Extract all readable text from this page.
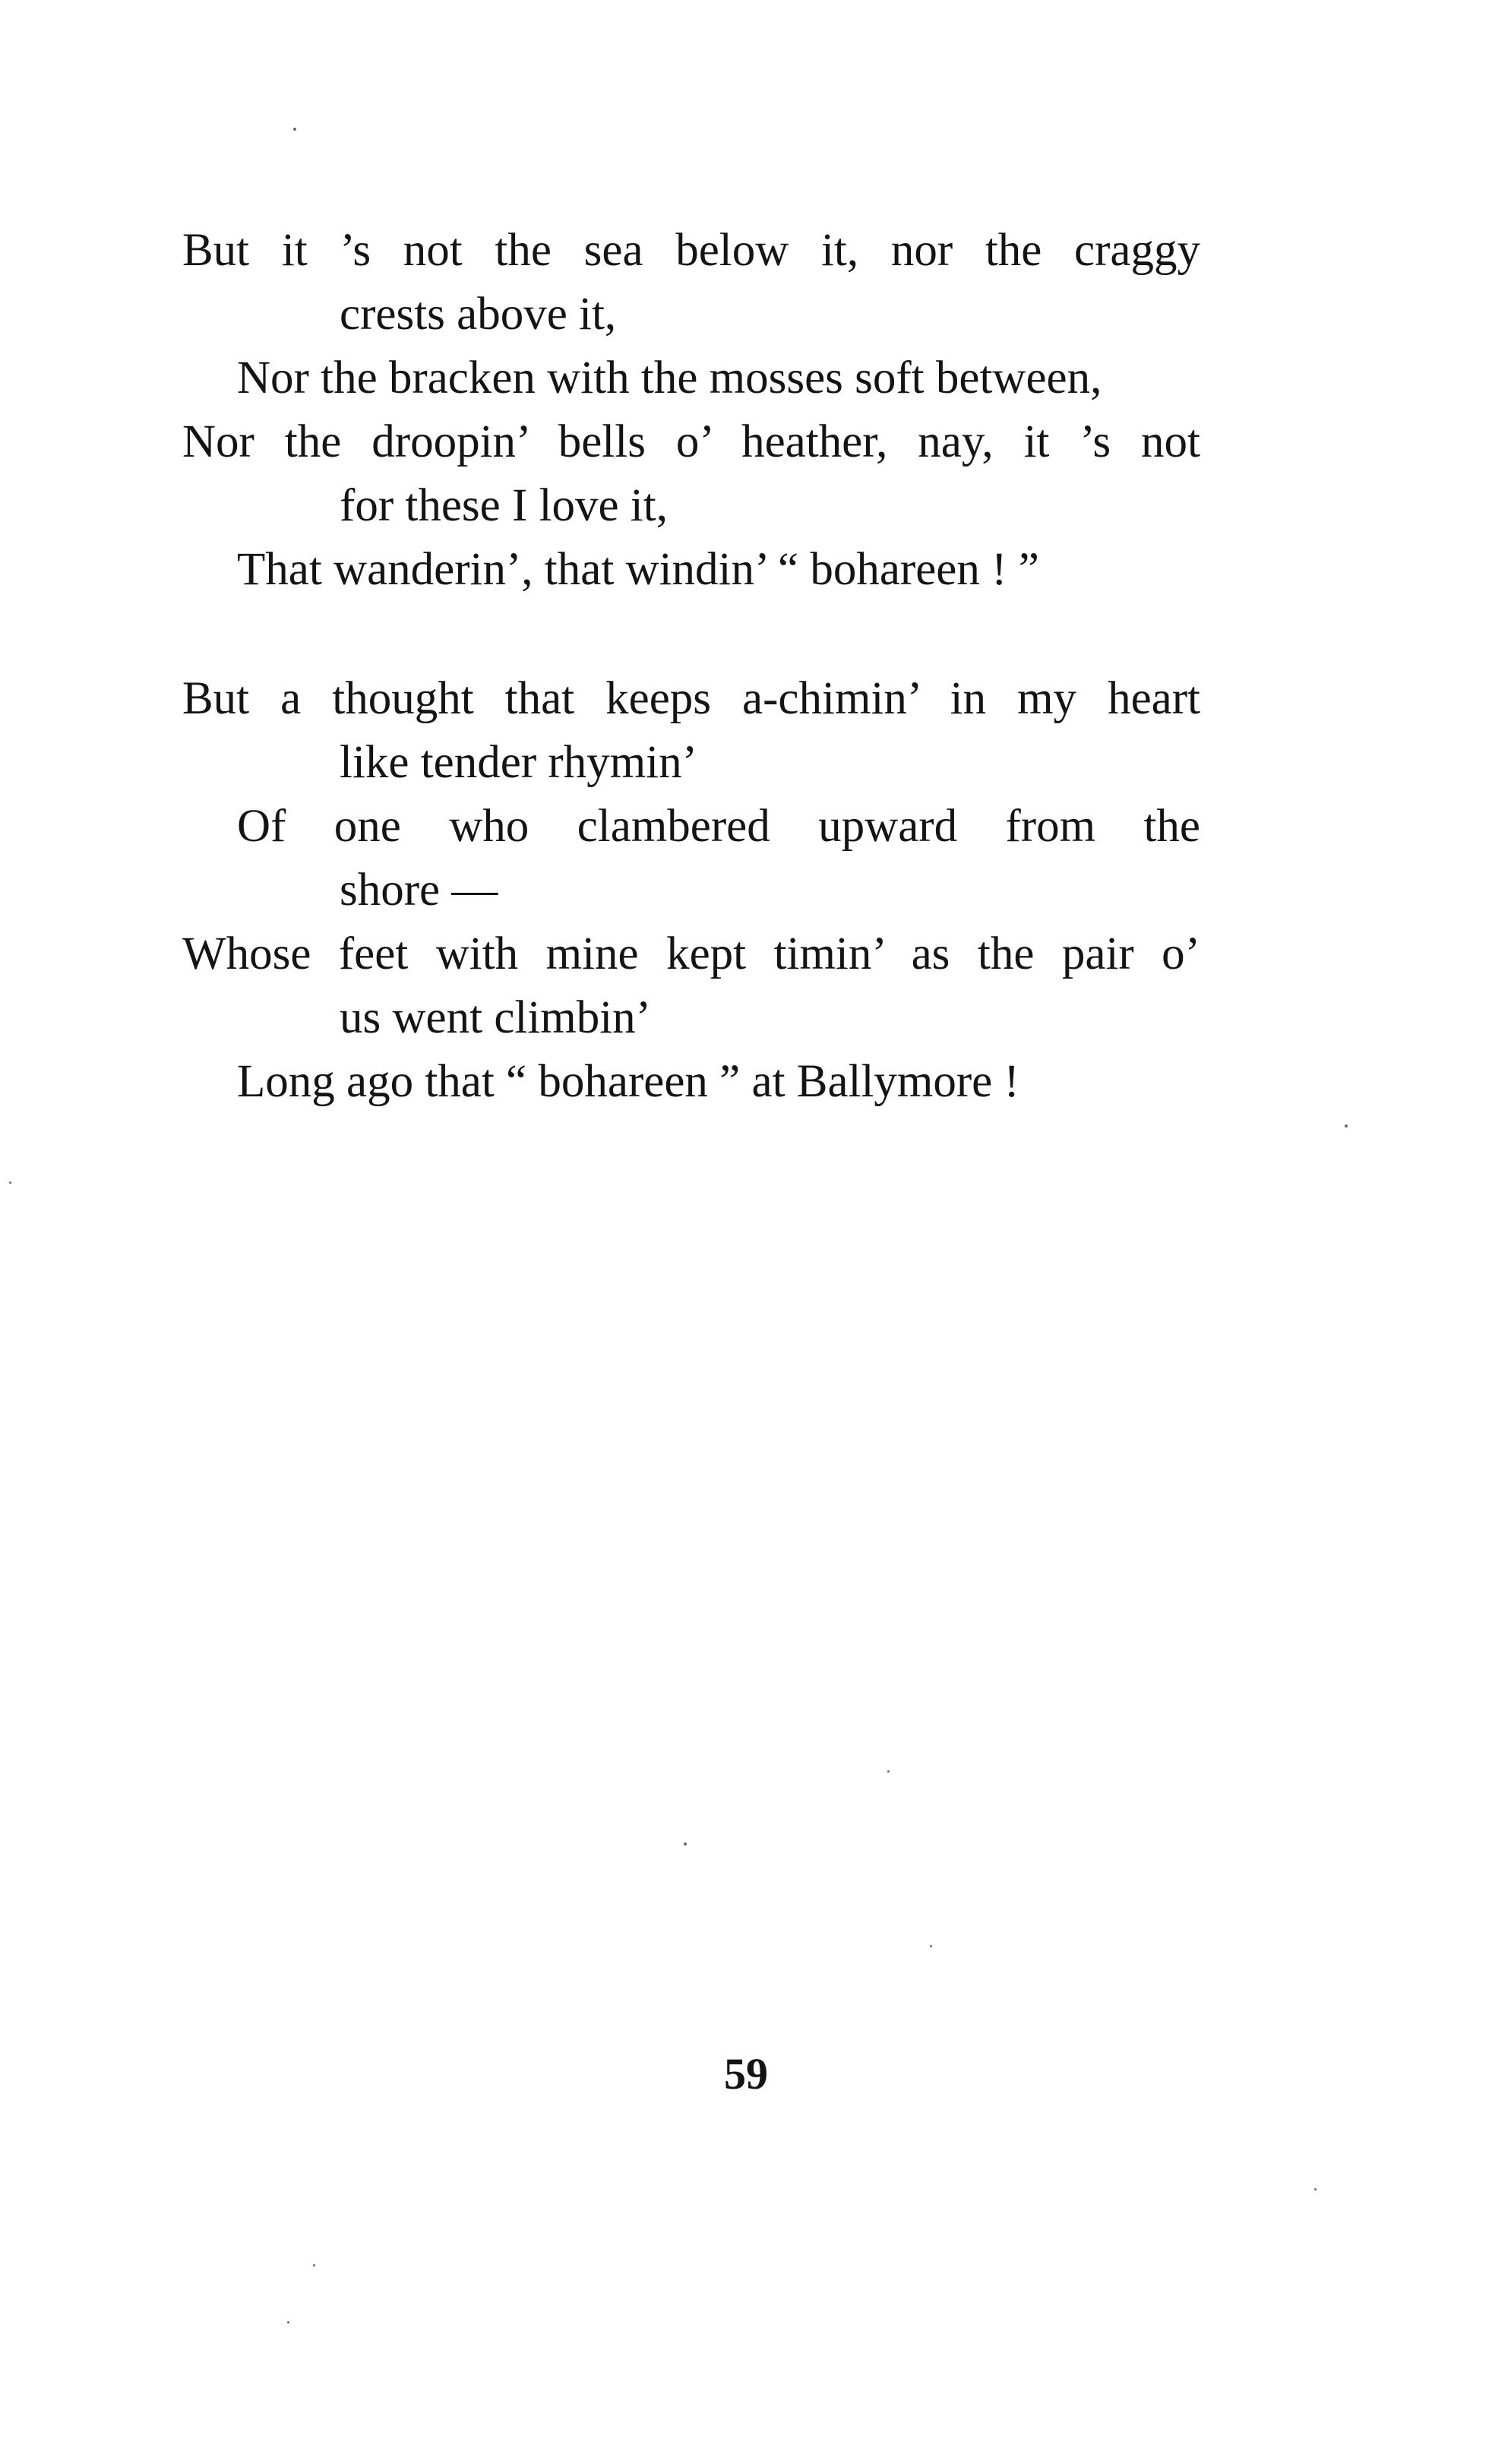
But it ’s not the sea below it, nor the craggy
crests above it,
Nor the bracken with the mosses soft between,
Nor the droopin’ bells o’ heather, nay, it ’s not
for these I love it,
That wanderin’, that windin’ “ bohareen ! ”
But a thought that keeps a-chimin’ in my heart
like tender rhymin’
Of one who clambered upward from the
shore —
Whose feet with mine kept timin’ as the pair o’
us went climbin’
Long ago that “ bohareen ” at Ballymore !
59
